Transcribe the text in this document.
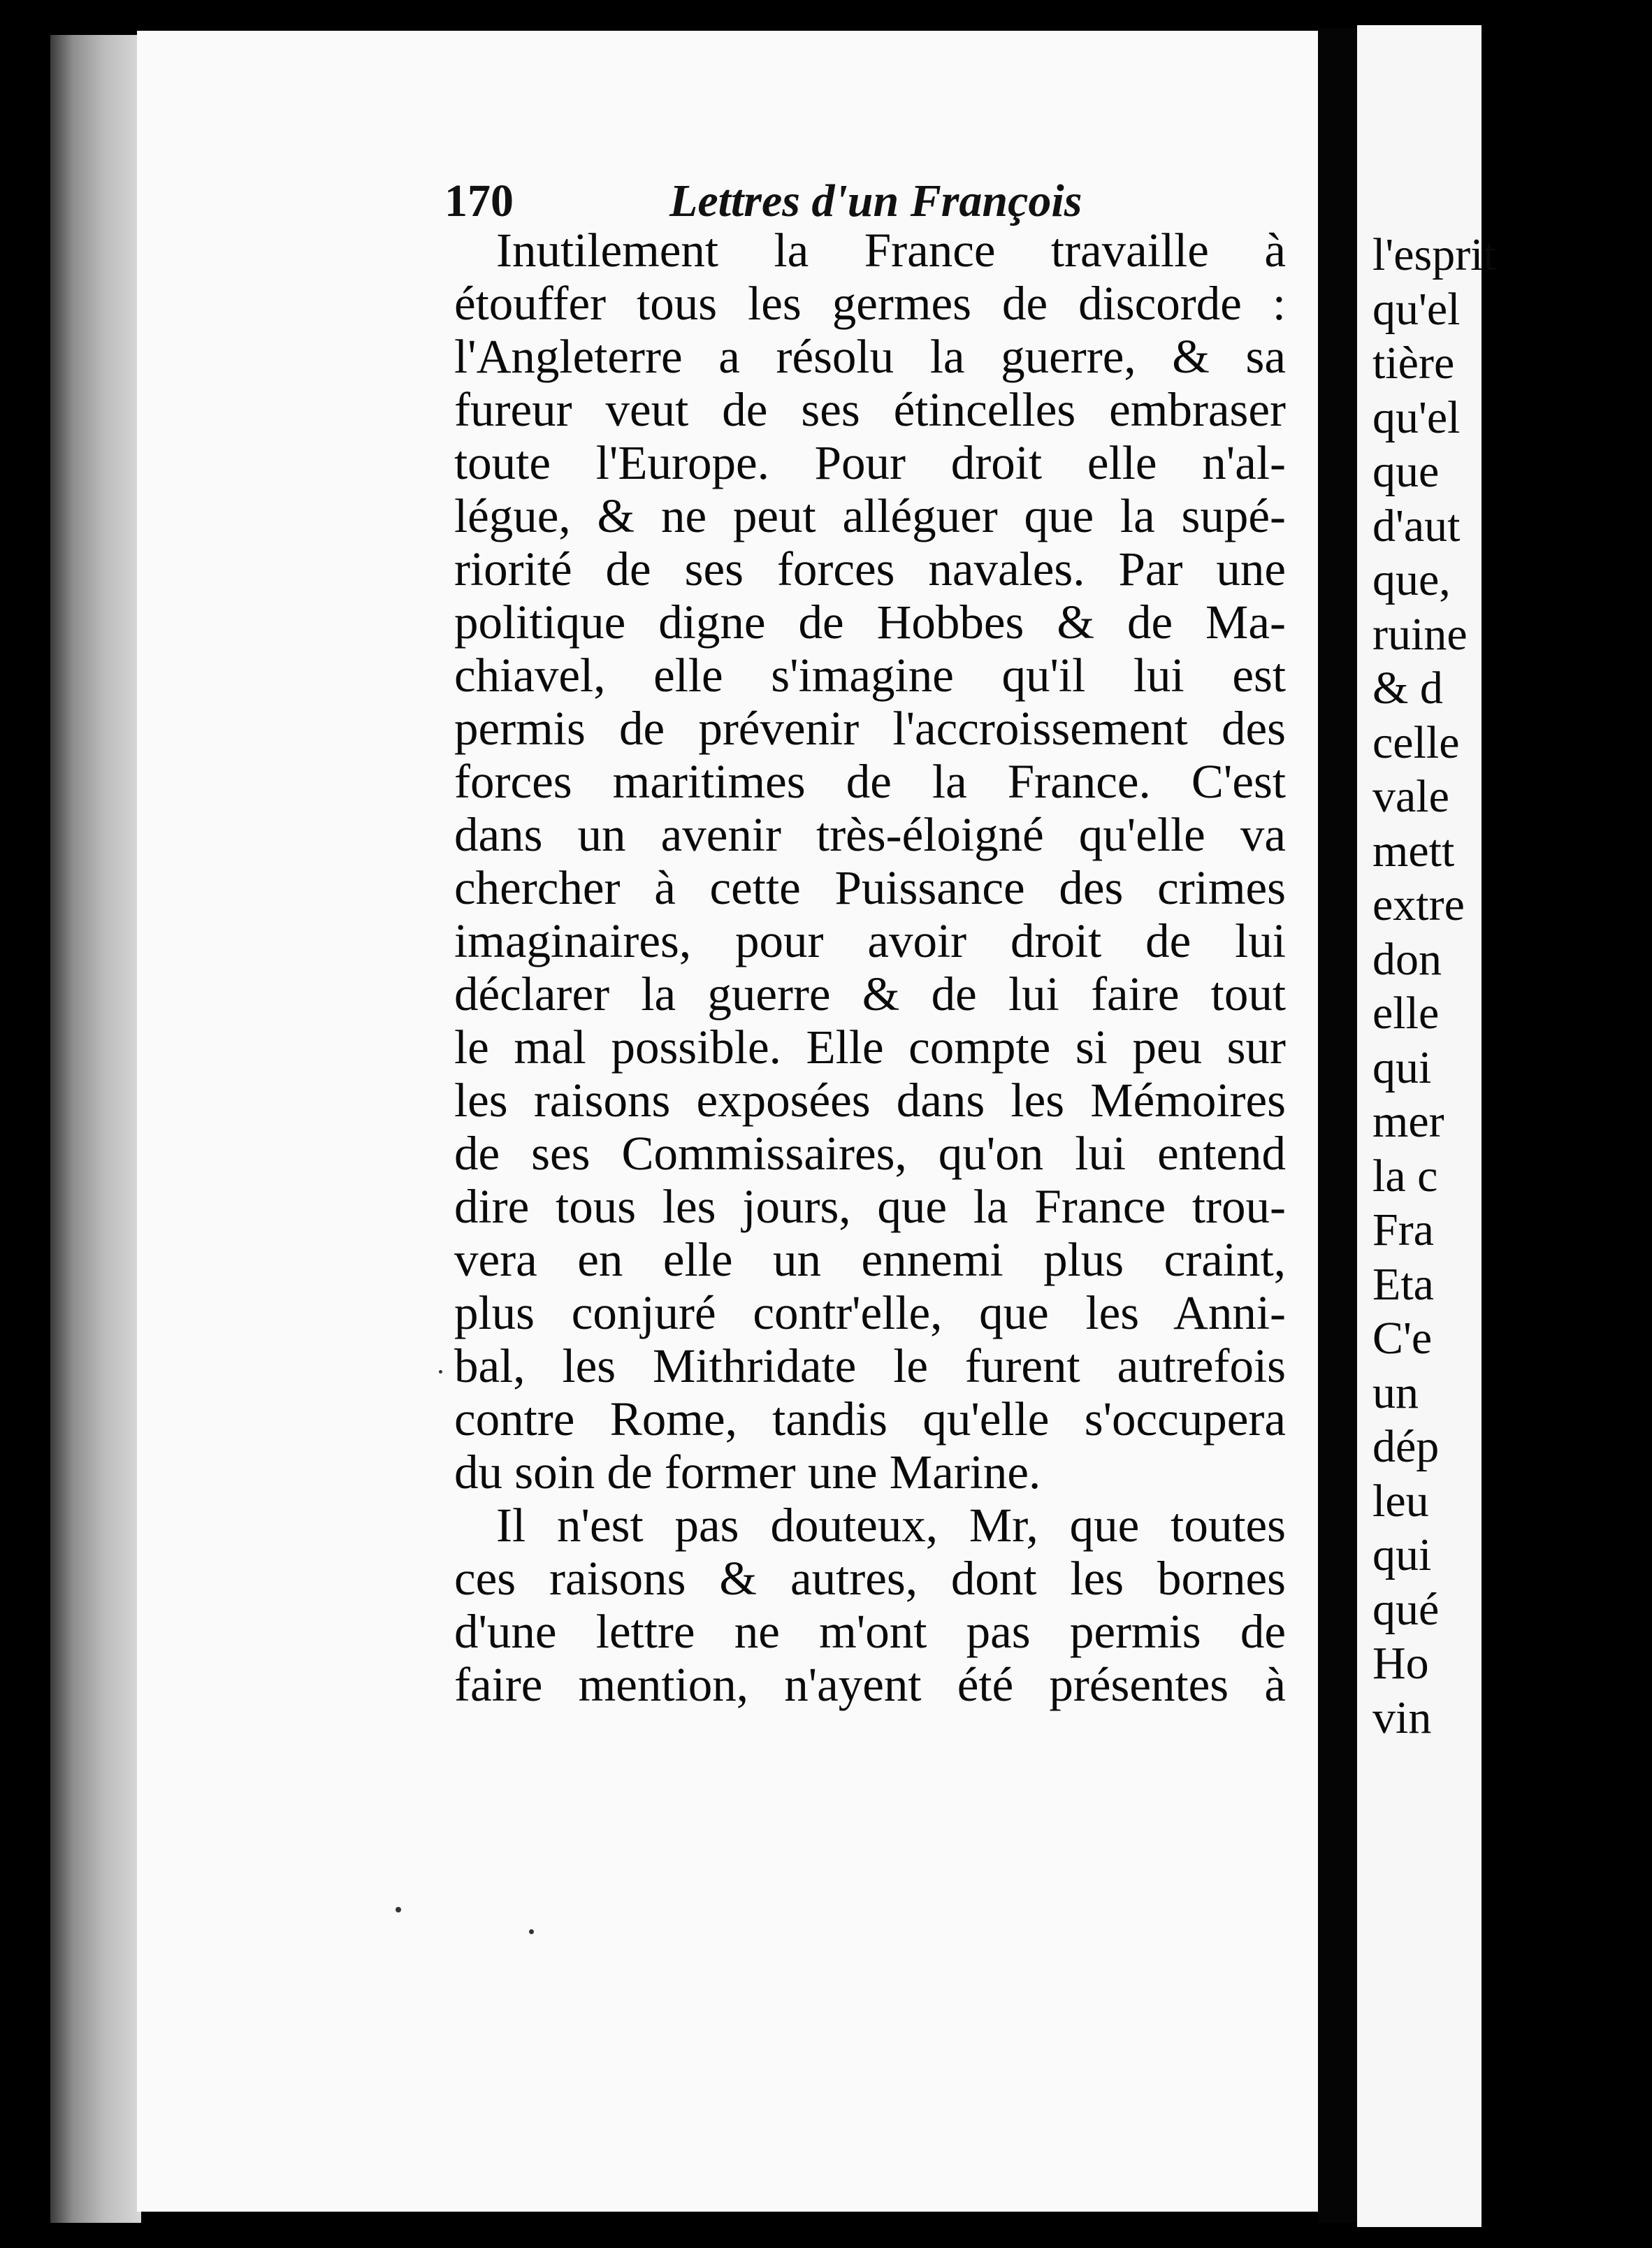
l'esprit
qu'el
tière
qu'el
que
d'aut
que,
ruine
& d
celle
vale
mett
extre
don
elle
qui
mer
la c
Fra
Eta
C'e
un
dép
leu
qui
qué
Ho
vin
170	Lettres d'un François
Inutilement la France travaille à
étouffer tous les germes de discorde :
l'Angleterre a résolu la guerre, & sa
fureur veut de ses étincelles embraser
toute l'Europe. Pour droit elle n'al-
légue, & ne peut alléguer que la supé-
riorité de ses forces navales. Par une
politique digne de Hobbes & de Ma-
chiavel, elle s'imagine qu'il lui est
permis de prévenir l'accroissement des
forces maritimes de la France. C'est
dans un avenir très-éloigné qu'elle va
chercher à cette Puissance des crimes
imaginaires, pour avoir droit de lui
déclarer la guerre & de lui faire tout
le mal possible. Elle compte si peu sur
les raisons exposées dans les Mémoires
de ses Commissaires, qu'on lui entend
dire tous les jours, que la France trou-
vera en elle un ennemi plus craint,
plus conjuré contr'elle, que les Anni-
bal, les Mithridate le furent autrefois
contre Rome, tandis qu'elle s'occupera
du soin de former une Marine.
Il n'est pas douteux, Mr, que toutes
ces raisons & autres, dont les bornes
d'une lettre ne m'ont pas permis de
faire mention, n'ayent été présentes à
